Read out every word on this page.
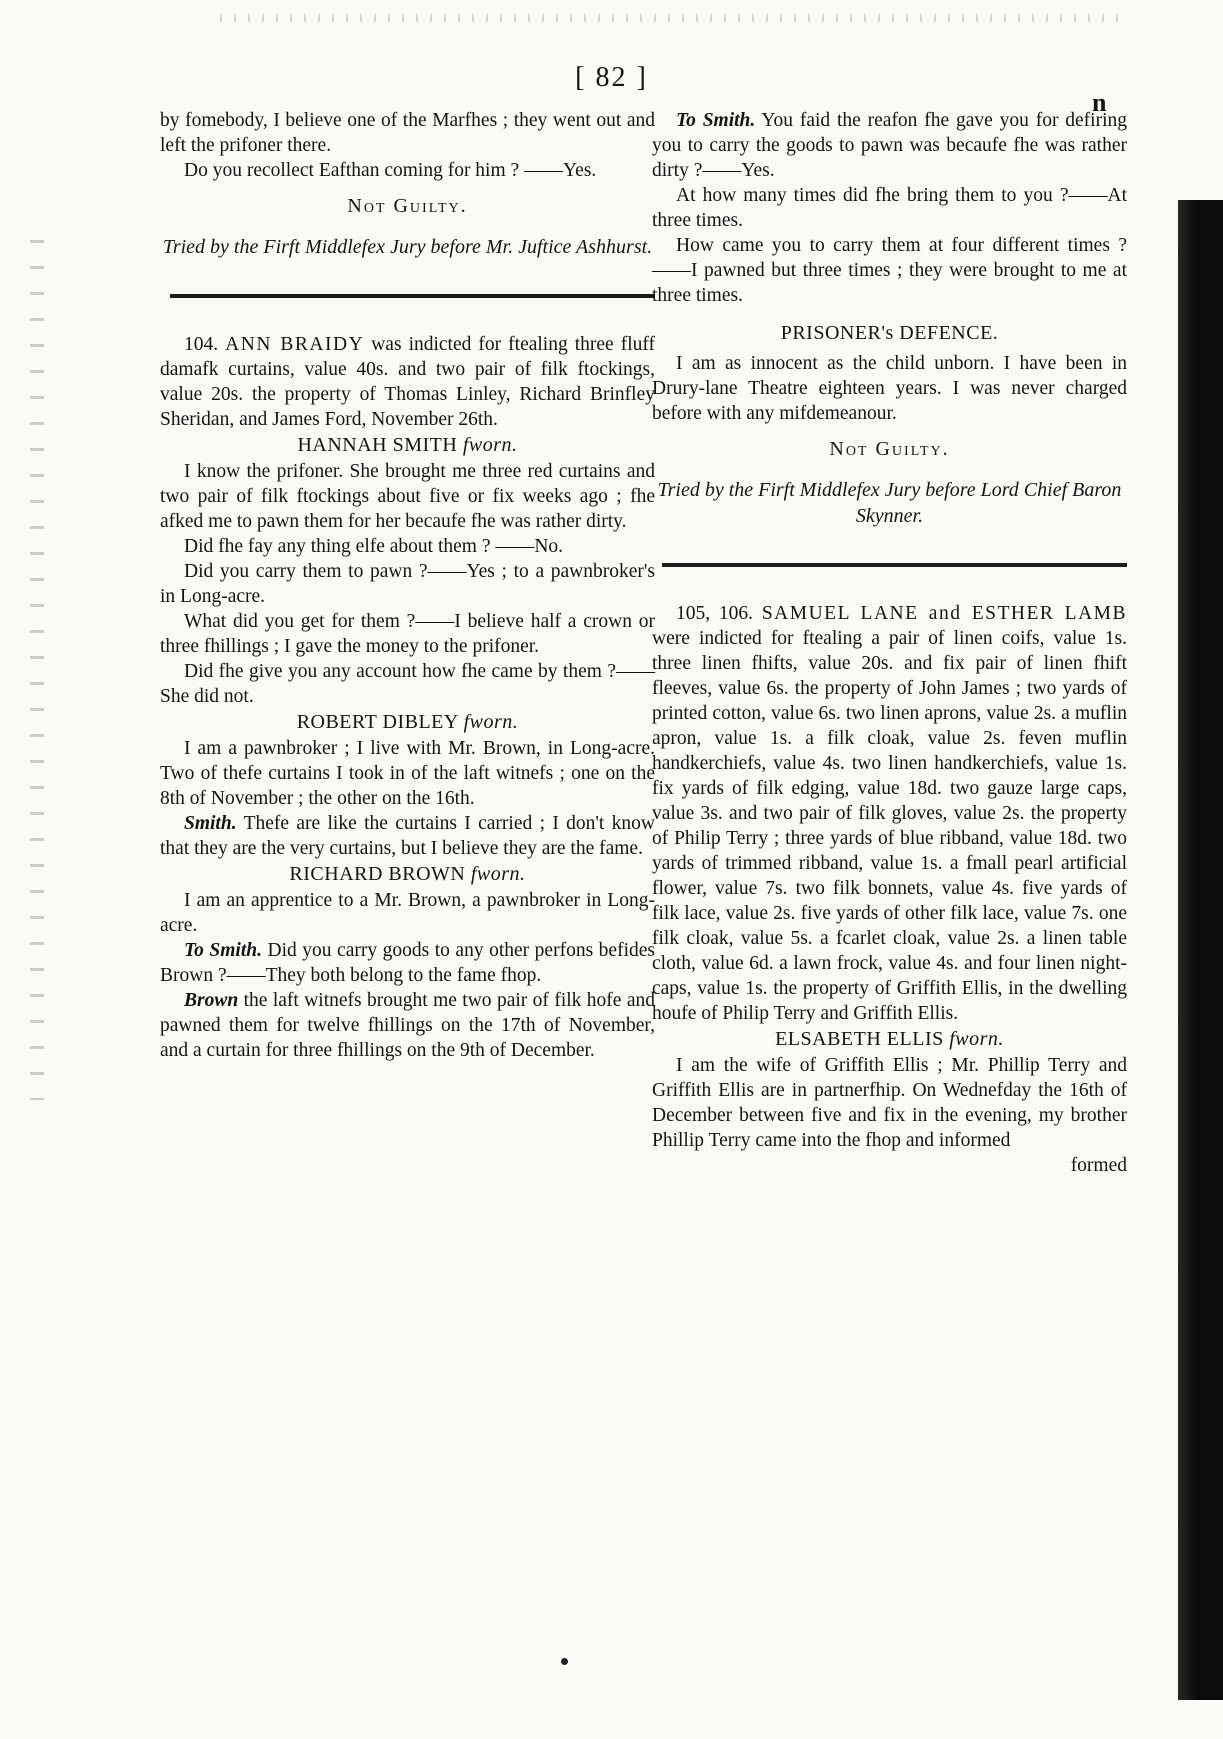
[ 82 ]
n

by fomebody, I believe one of the Marfhes ; they went out and left the prifoner there.

Do you recollect Eafthan coming for him ? ——Yes.

Not Guilty.
Tried by the Firft Middlefex Jury before Mr. Juftice Ashhurst.

104. ANN BRAIDY was indicted for ftealing three fluff damafk curtains, value 40s. and two pair of filk ftockings, value 20s. the property of Thomas Linley, Richard Brinfley Sheridan, and James Ford, November 26th.

HANNAH SMITH fworn.

I know the prifoner. She brought me three red curtains and two pair of filk ftockings about five or fix weeks ago ; fhe afked me to pawn them for her becaufe fhe was rather dirty.

Did fhe fay any thing elfe about them ? ——No.

Did you carry them to pawn ?——Yes ; to a pawnbroker's in Long-acre.

What did you get for them ?——I believe half a crown or three fhillings ; I gave the money to the prifoner.

Did fhe give you any account how fhe came by them ?——She did not.

ROBERT DIBLEY fworn.

I am a pawnbroker ; I live with Mr. Brown, in Long-acre. Two of thefe curtains I took in of the laft witnefs ; one on the 8th of November ; the other on the 16th.

Smith. Thefe are like the curtains I carried ; I don't know that they are the very curtains, but I believe they are the fame.

RICHARD BROWN fworn.

I am an apprentice to a Mr. Brown, a pawnbroker in Long-acre.

To Smith. Did you carry goods to any other perfons befides Brown ?——They both belong to the fame fhop.

Brown the laft witnefs brought me two pair of filk hofe and pawned them for twelve fhillings on the 17th of November, and a curtain for three fhillings on the 9th of December.

To Smith. You faid the reafon fhe gave you for defiring you to carry the goods to pawn was becaufe fhe was rather dirty ?——Yes.

At how many times did fhe bring them to you ?——At three times.

How came you to carry them at four different times ?——I pawned but three times ; they were brought to me at three times.

PRISONER's DEFENCE.

I am as innocent as the child unborn. I have been in Drury-lane Theatre eighteen years. I was never charged before with any mifdemeanour.

Not Guilty.
Tried by the Firft Middlefex Jury before Lord Chief Baron Skynner.

105, 106. SAMUEL LANE and ESTHER LAMB were indicted for ftealing a pair of linen coifs, value 1s. three linen fhifts, value 20s. and fix pair of linen fhift fleeves, value 6s. the property of John James ; two yards of printed cotton, value 6s. two linen aprons, value 2s. a muflin apron, value 1s. a filk cloak, value 2s. feven muflin handkerchiefs, value 4s. two linen handkerchiefs, value 1s. fix yards of filk edging, value 18d. two gauze large caps, value 3s. and two pair of filk gloves, value 2s. the property of Philip Terry ; three yards of blue ribband, value 18d. two yards of trimmed ribband, value 1s. a fmall pearl artificial flower, value 7s. two filk bonnets, value 4s. five yards of filk lace, value 2s. five yards of other filk lace, value 7s. one filk cloak, value 5s. a fcarlet cloak, value 2s. a linen table cloth, value 6d. a lawn frock, value 4s. and four linen night-caps, value 1s. the property of Griffith Ellis, in the dwelling houfe of Philip Terry and Griffith Ellis.

ELSABETH ELLIS fworn.

I am the wife of Griffith Ellis ; Mr. Phillip Terry and Griffith Ellis are in partnerfhip. On Wednefday the 16th of December between five and fix in the evening, my brother Phillip Terry came into the fhop and informed

formed
